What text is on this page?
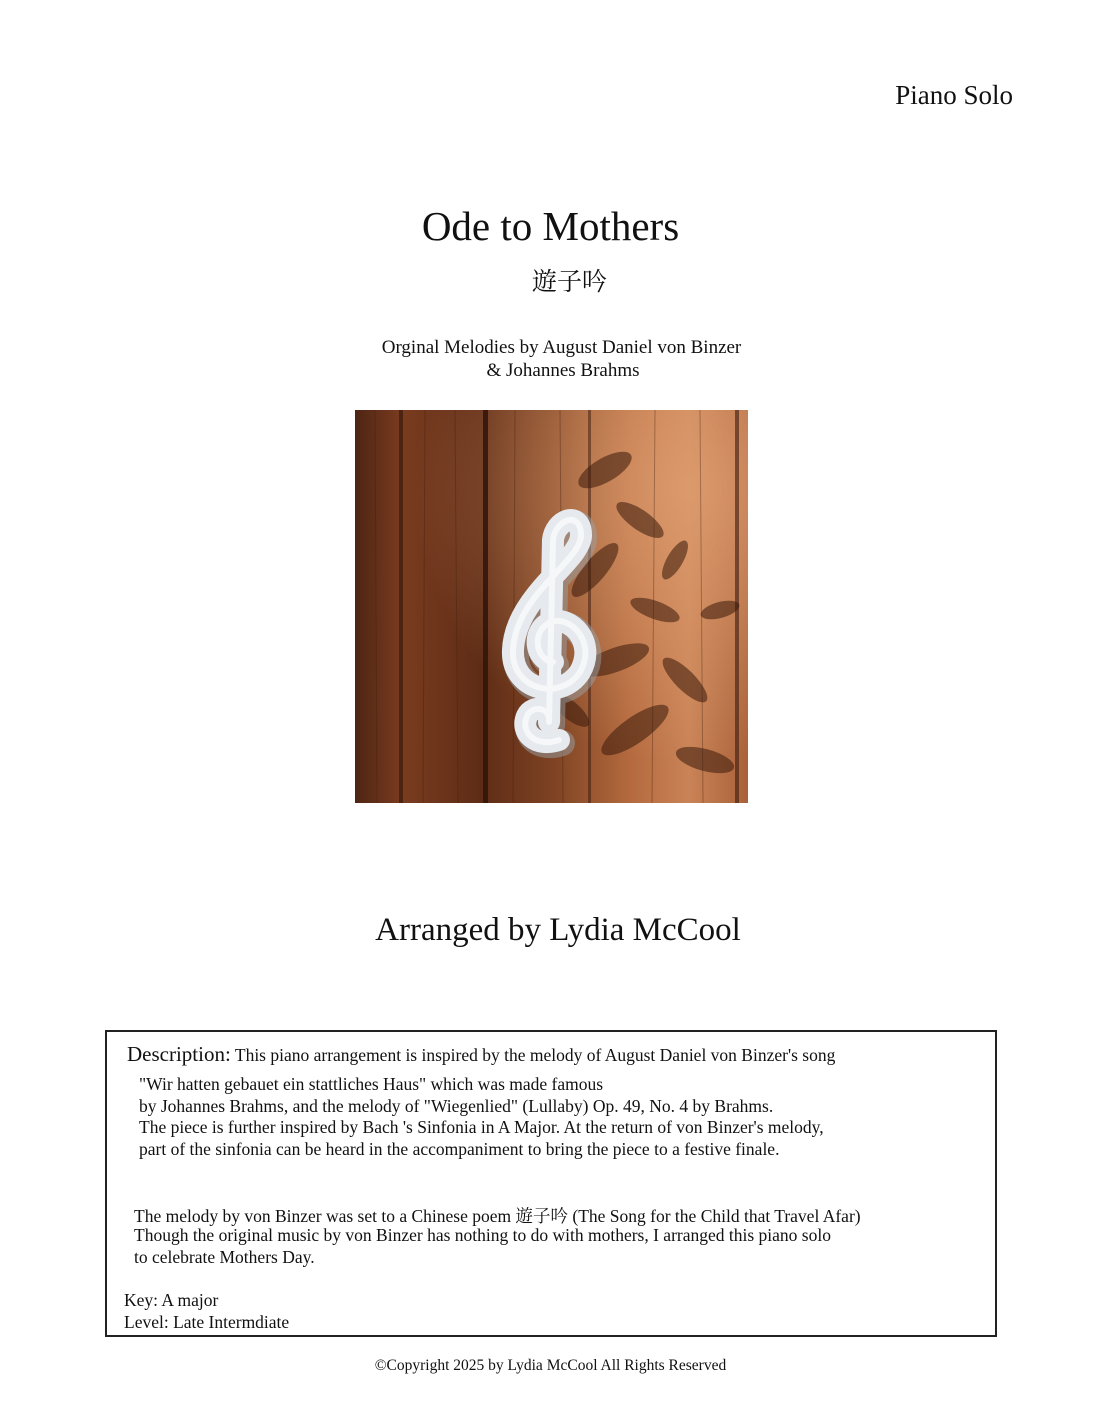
Piano Solo
Ode to Mothers
遊子吟
Orginal Melodies by August Daniel von Binzer
& Johannes Brahms
Arranged by Lydia McCool
Description: This piano arrangement is inspired by the melody of August Daniel von Binzer's song
"Wir hatten gebauet ein stattliches Haus" which was made famous
by Johannes Brahms, and the melody of "Wiegenlied" (Lullaby) Op. 49, No. 4 by Brahms.
The piece is further inspired by Bach 's Sinfonia in A Major. At the return of von Binzer's melody,
part of the sinfonia can be heard in the accompaniment to bring the piece to a festive finale.
The melody by von Binzer was set to a Chinese poem 遊子吟 (The Song for the Child that Travel Afar)
Though the original music by von Binzer has nothing to do with mothers, I arranged this piano solo
to celebrate Mothers Day.
Key: A major
Level: Late Intermdiate
©Copyright 2025 by Lydia McCool All Rights Reserved
